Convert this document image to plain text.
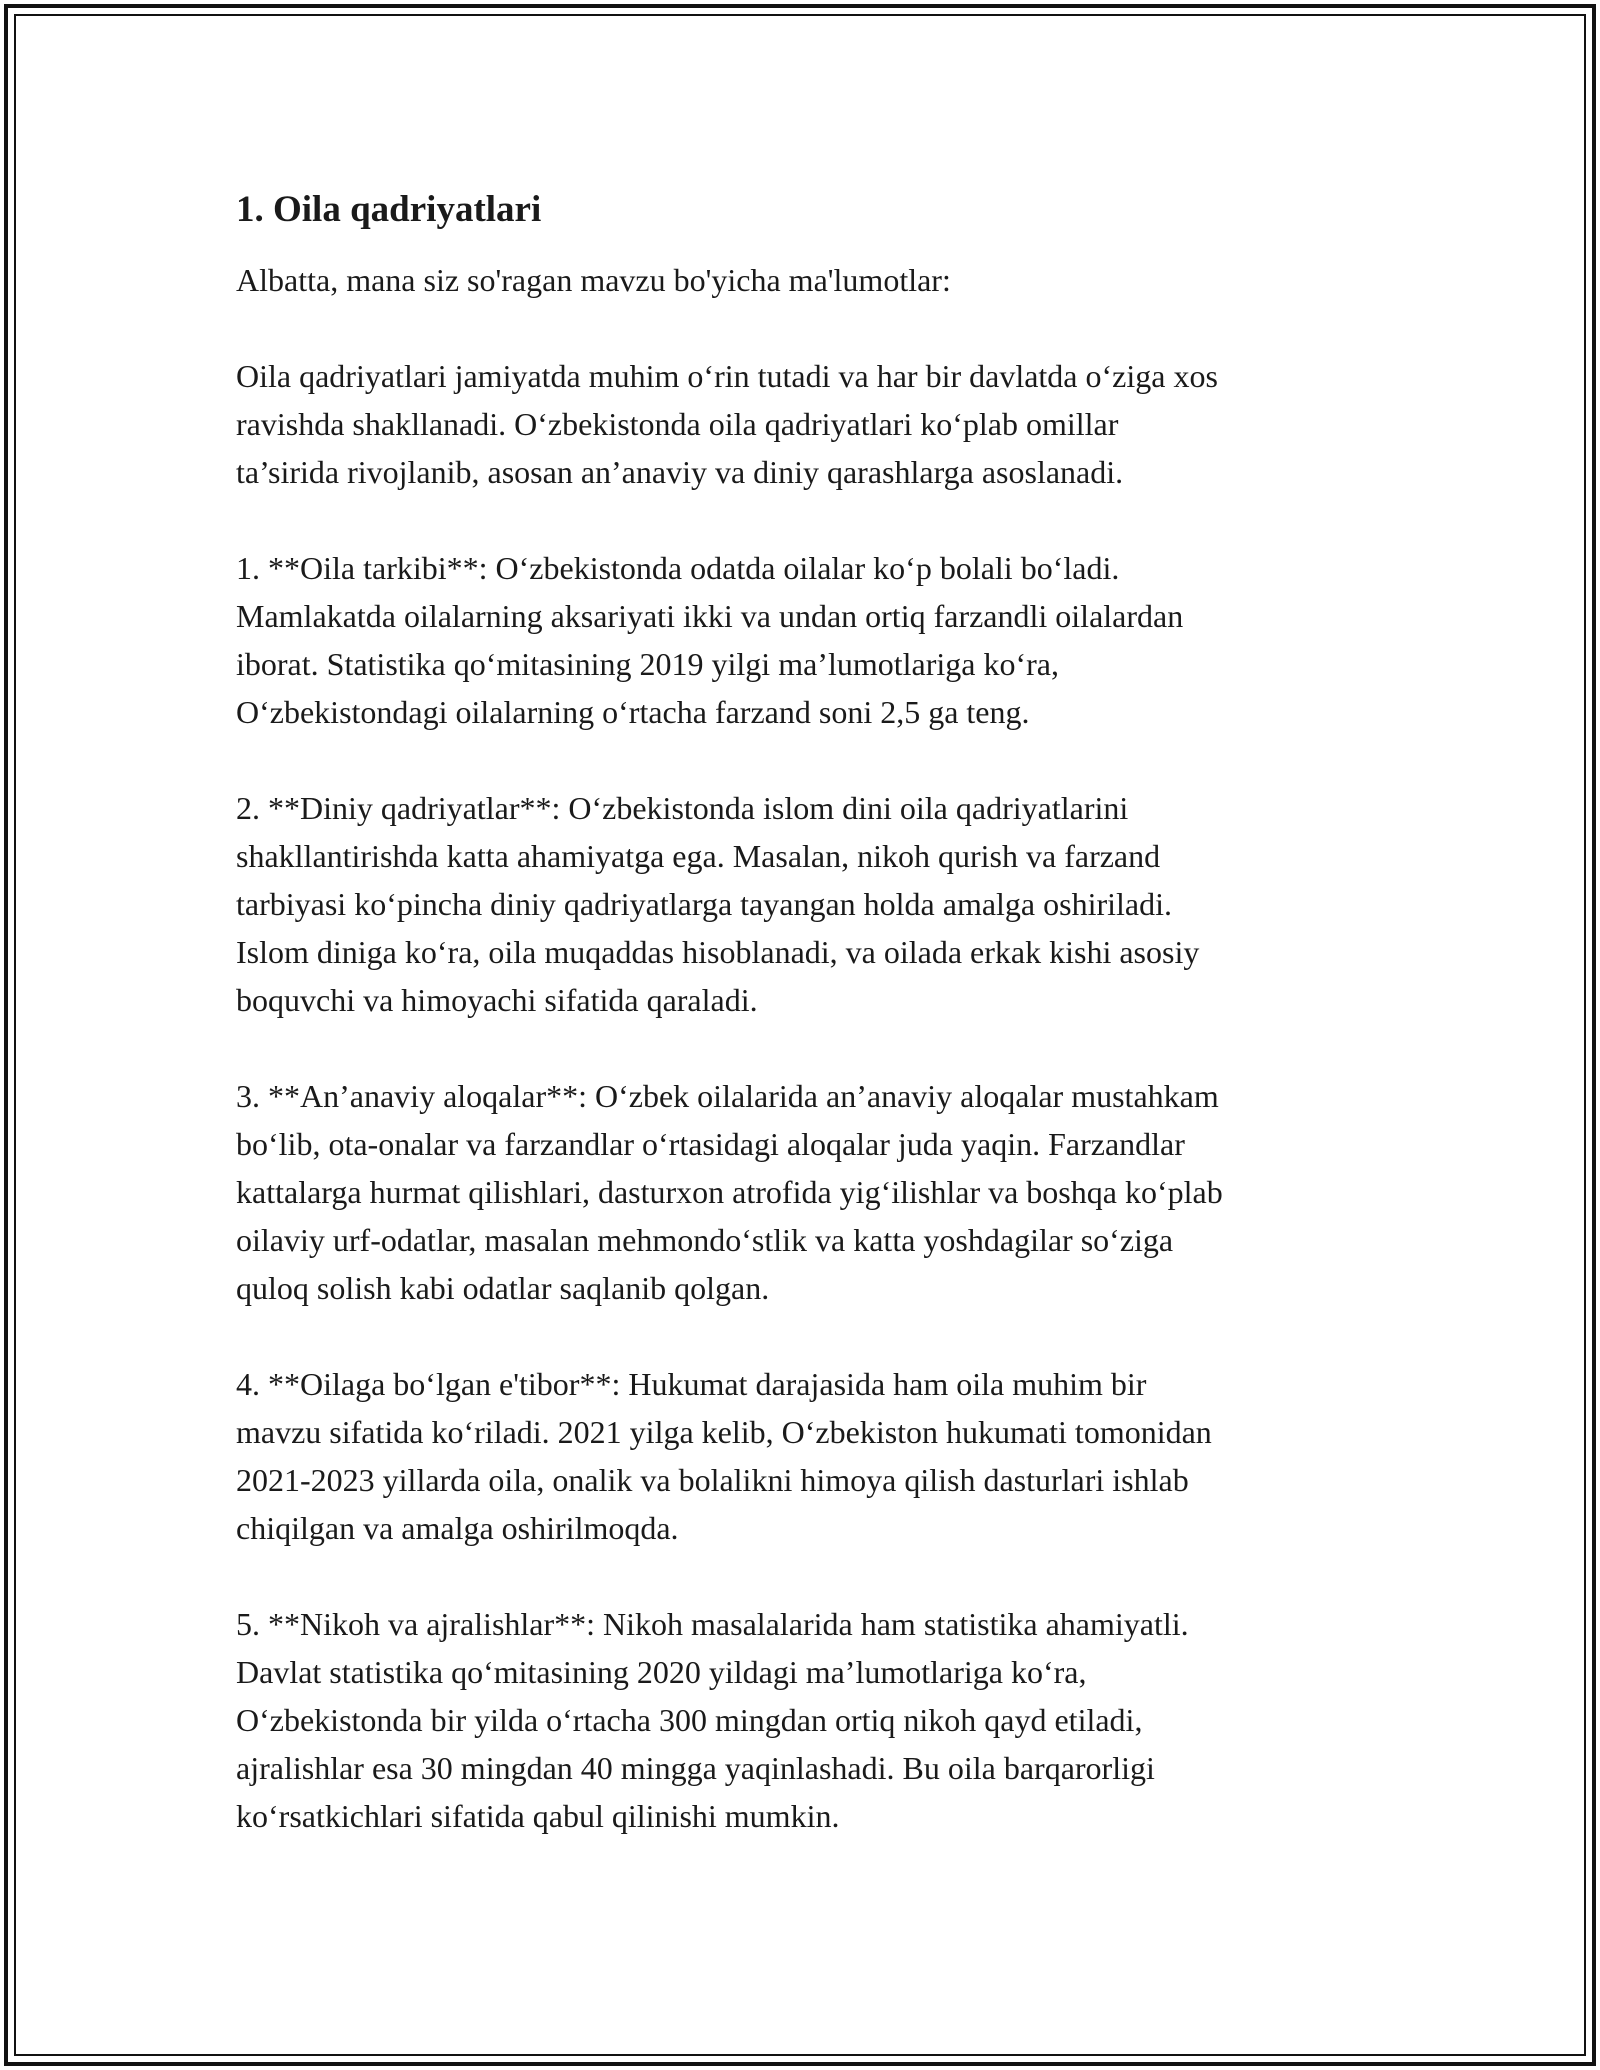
1. Oila qadriyatlari

Albatta, mana siz so'ragan mavzu bo'yicha ma'lumotlar:

Oila qadriyatlari jamiyatda muhim o‘rin tutadi va har bir davlatda o‘ziga xos
ravishda shakllanadi. O‘zbekistonda oila qadriyatlari ko‘plab omillar
ta’sirida rivojlanib, asosan an’anaviy va diniy qarashlarga asoslanadi.

1. **Oila tarkibi**: O‘zbekistonda odatda oilalar ko‘p bolali bo‘ladi.
Mamlakatda oilalarning aksariyati ikki va undan ortiq farzandli oilalardan
iborat. Statistika qo‘mitasining 2019 yilgi ma’lumotlariga ko‘ra,
O‘zbekistondagi oilalarning o‘rtacha farzand soni 2,5 ga teng.

2. **Diniy qadriyatlar**: O‘zbekistonda islom dini oila qadriyatlarini
shakllantirishda katta ahamiyatga ega. Masalan, nikoh qurish va farzand
tarbiyasi ko‘pincha diniy qadriyatlarga tayangan holda amalga oshiriladi.
Islom diniga ko‘ra, oila muqaddas hisoblanadi, va oilada erkak kishi asosiy
boquvchi va himoyachi sifatida qaraladi.

3. **An’anaviy aloqalar**: O‘zbek oilalarida an’anaviy aloqalar mustahkam
bo‘lib, ota-onalar va farzandlar o‘rtasidagi aloqalar juda yaqin. Farzandlar
kattalarga hurmat qilishlari, dasturxon atrofida yig‘ilishlar va boshqa ko‘plab
oilaviy urf-odatlar, masalan mehmondo‘stlik va katta yoshdagilar so‘ziga
quloq solish kabi odatlar saqlanib qolgan.

4. **Oilaga bo‘lgan e'tibor**: Hukumat darajasida ham oila muhim bir
mavzu sifatida ko‘riladi. 2021 yilga kelib, O‘zbekiston hukumati tomonidan
2021-2023 yillarda oila, onalik va bolalikni himoya qilish dasturlari ishlab
chiqilgan va amalga oshirilmoqda.

5. **Nikoh va ajralishlar**: Nikoh masalalarida ham statistika ahamiyatli.
Davlat statistika qo‘mitasining 2020 yildagi ma’lumotlariga ko‘ra,
O‘zbekistonda bir yilda o‘rtacha 300 mingdan ortiq nikoh qayd etiladi,
ajralishlar esa 30 mingdan 40 mingga yaqinlashadi. Bu oila barqarorligi
ko‘rsatkichlari sifatida qabul qilinishi mumkin.
